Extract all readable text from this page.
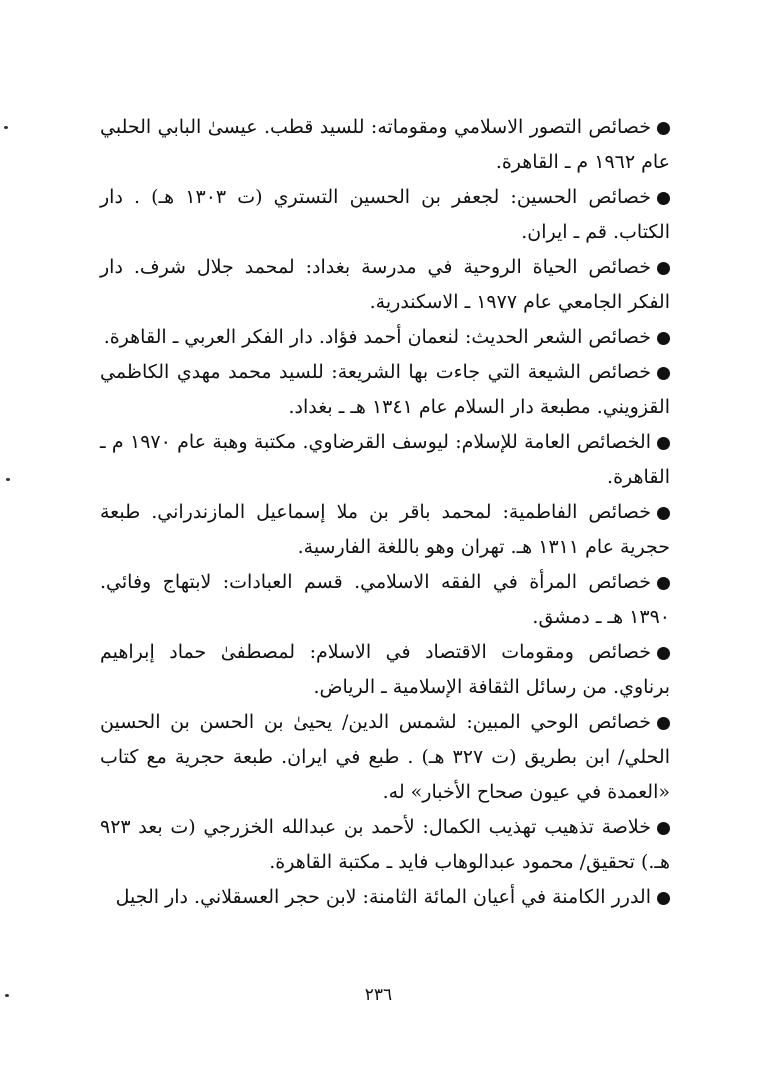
خصائص التصور الاسلامي ومقوماته: للسيد قطب. عيسىٰ البابي الحلبي عام ١٩٦٢ م ـ القاهرة.

خصائص الحسين: لجعفر بن الحسين التستري (ت ١٣٠٣ هـ) . دار الكتاب. قم ـ ايران.

خصائص الحياة الروحية في مدرسة بغداد: لمحمد جلال شرف. دار الفكر الجامعي عام ١٩٧٧ ـ الاسكندرية.

خصائص الشعر الحديث: لنعمان أحمد فؤاد. دار الفكر العربي ـ القاهرة.

خصائص الشيعة التي جاءت بها الشريعة: للسيد محمد مهدي الكاظمي القزويني. مطبعة دار السلام عام ١٣٤١ هـ ـ بغداد.

الخصائص العامة للإسلام: ليوسف القرضاوي. مكتبة وهبة عام ١٩٧٠ م ـ القاهرة.

خصائص الفاطمية: لمحمد باقر بن ملا إسماعيل المازندراني. طبعة حجرية عام ١٣١١ هـ. تهران وهو باللغة الفارسية.

خصائص المرأة في الفقه الاسلامي. قسم العبادات: لابتهاج وفائي. ١٣٩٠ هـ ـ دمشق.

خصائص ومقومات الاقتصاد في الاسلام: لمصطفىٰ حماد إبراهيم برناوي. من رسائل الثقافة الإسلامية ـ الرياض.

خصائص الوحي المبين: لشمس الدين/ يحيىٰ بن الحسن بن الحسين الحلي/ ابن بطريق (ت ٣٢٧ هـ) . طبع في ايران. طبعة حجرية مع كتاب «العمدة في عيون صحاح الأخبار» له.

خلاصة تذهيب تهذيب الكمال: لأحمد بن عبدالله الخزرجي (ت بعد ٩٢٣ هـ.) تحقيق/ محمود عبدالوهاب فايد ـ مكتبة القاهرة.

الدرر الكامنة في أعيان المائة الثامنة: لابن حجر العسقلاني. دار الجيل

٢٣٦
